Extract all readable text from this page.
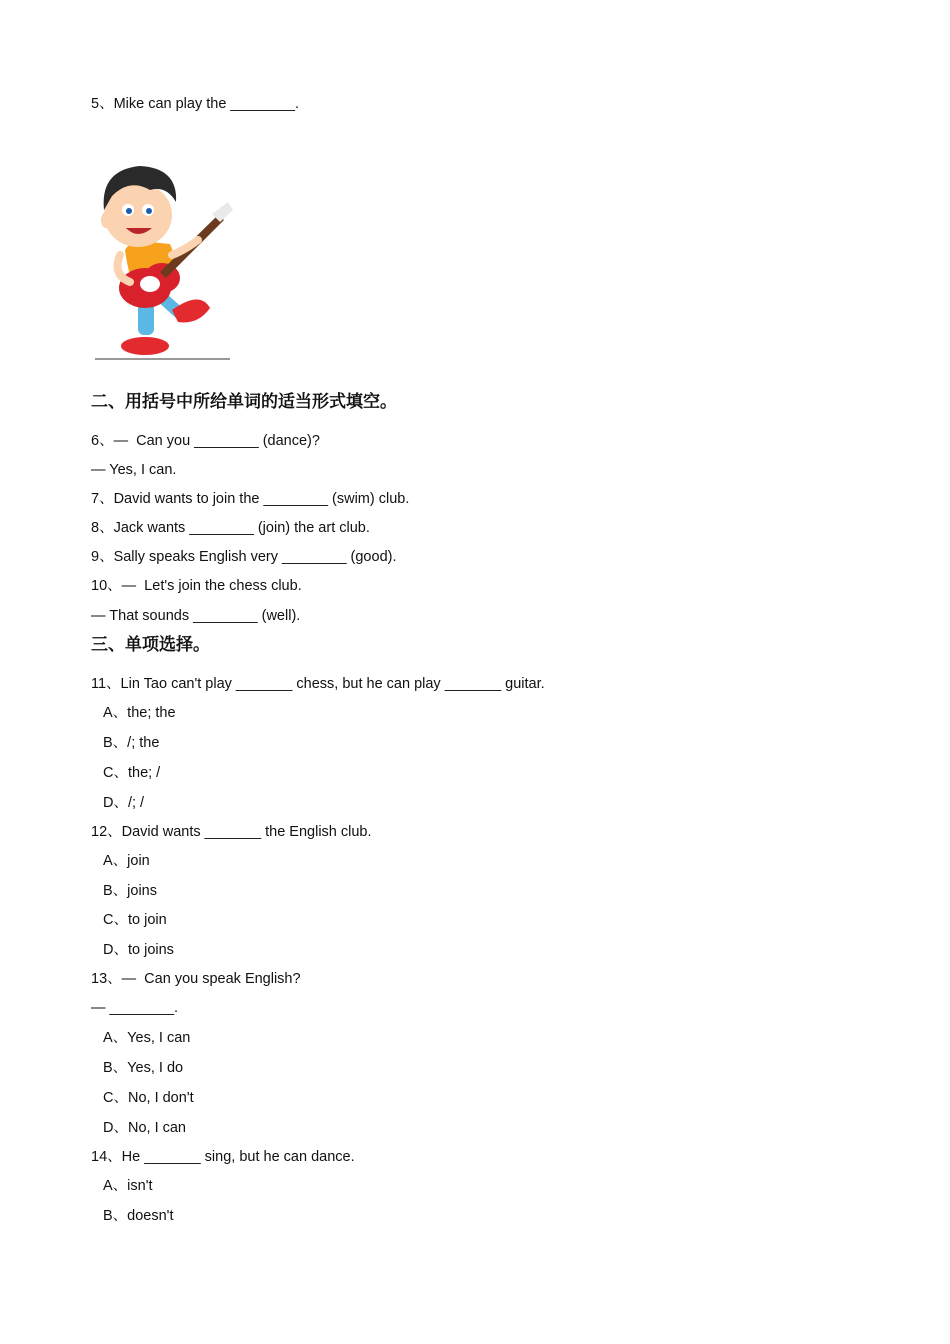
5、Mike can play the ________.
二、用括号中所给单词的适当形式填空。
6、—  Can you ________ (dance)?
— Yes, I can.
7、David wants to join the ________ (swim) club.
8、Jack wants ________ (join) the art club.
9、Sally speaks English very ________ (good).
10、—  Let's join the chess club.
— That sounds ________ (well).
三、单项选择。
11、Lin Tao can't play _______ chess, but he can play _______ guitar.
A、the; the
B、/; the
C、the; /
D、/; /
12、David wants _______ the English club.
A、join
B、joins
C、to join
D、to joins
13、—  Can you speak English?
— ________.
A、Yes, I can
B、Yes, I do
C、No, I don't
D、No, I can
14、He _______ sing, but he can dance.
A、isn't
B、doesn't
